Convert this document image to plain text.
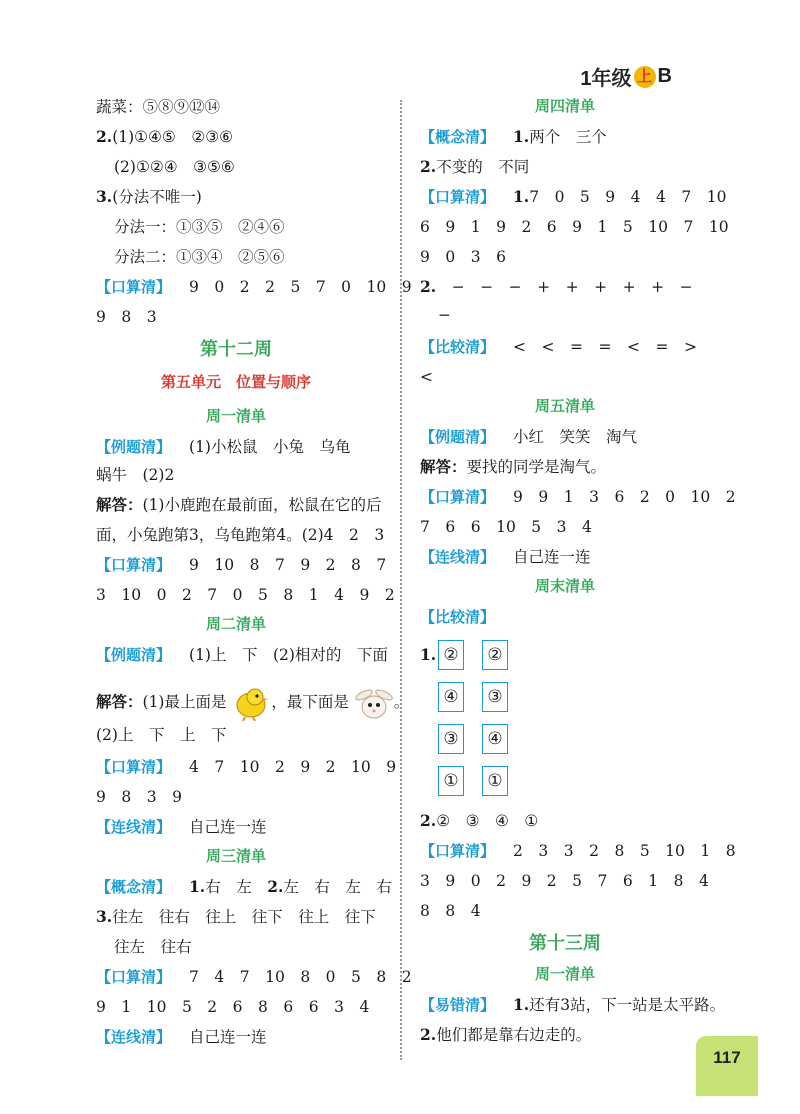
1年级 上 B
蔬菜：⑤⑧⑨⑫⑭
2.(1)①④⑤　②③⑥
(2)①②④　③⑤⑥
3.(分法不唯一)
分法一：①③⑤　②④⑥
分法二：①③④　②⑤⑥
【口算清】 9　0　2　2　5　7　0　10　9
9　8　3
第十二周
第五单元　位置与顺序
周一清单
【例题清】 (1)小松鼠　小兔　乌龟
蜗牛　(2)2
解答：(1)小鹿跑在最前面，松鼠在它的后
面，小兔跑第3，乌龟跑第4。(2)4　2　3
【口算清】 9　10　8　7　9　2　8　7
3　10　0　2　7　0　5　8　1　4　9　2
周二清单
【例题清】 (1)上　下　(2)相对的　下面
解答：(1)最上面是	，最下面是	。
(2)上　下　上　下
【口算清】 4　7　10　2　9　2　10　9
9　8　3　9
【连线清】 自己连一连
周三清单
【概念清】 1.右　左　 2.左　右　左　右
3.往左　往右　往上　往下　往上　往下
往左　往右
【口算清】 7　4　7　10　8　0　5　8　2
9　1　10　5　2　6　8　6　6　3　4
【连线清】 自己连一连
周四清单
【概念清】 1.两个　三个
2.不变的　不同
【口算清】 1.7　0　5　9　4　4　7　10
6　9　1　9　2　6　9　1　5　10　7　10
9　0　3　6
2.　 −　−　−　+　+　+　+　+　−
−
【比较清】 <　<　=　=　<　=　>
<
周五清单
【例题清】 小红　笑笑　淘气
解答：要找的同学是淘气。
【口算清】 9　9　1　3　6　2　0　10　2
7　6　6　10　5　3　4
【连线清】 自己连一连
周末清单
【比较清】
1. ②	②
④	③
③	④
①	①
2.②　③　④　①
【口算清】 2　3　3　2　8　5　10　1　8
3　9　0　2　9　2　5　7　6　1　8　4
8　8　4
第十三周
周一清单
【易错清】 1.还有3站，下一站是太平路。
2.他们都是靠右边走的。
117
